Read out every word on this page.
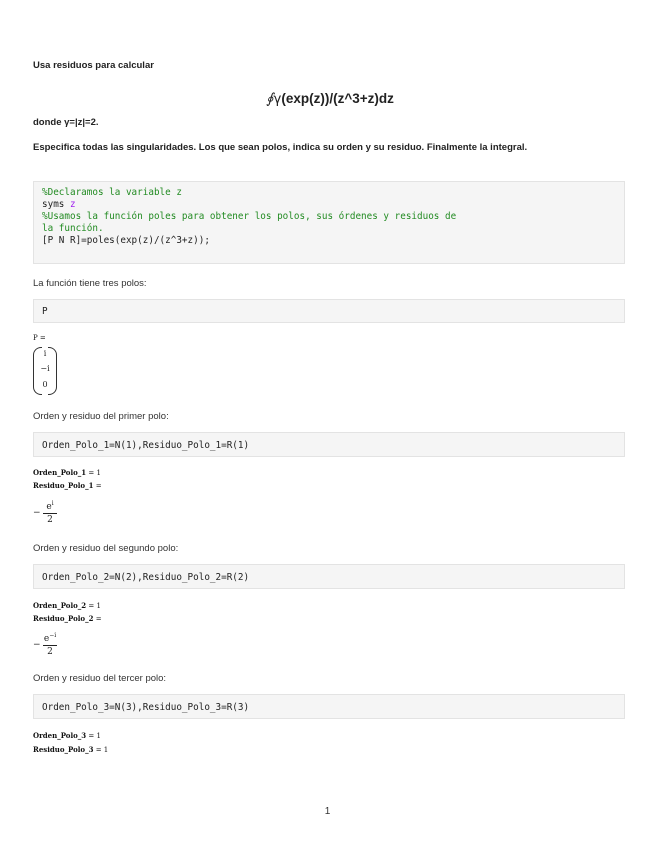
Usa residuos para calcular
∮γ(exp(z))/(z^3+z)dz
donde γ=|z|=2.
Especifica todas las singularidades. Los que sean polos, indica su orden y su residuo. Finalmente la integral.
%Declaramos la variable z
syms z
%Usamos la función poles para obtener los polos, sus órdenes y residuos de
la función.
[P N R]=poles(exp(z)/(z^3+z));
La función tiene tres polos:
P
P =
i
−i
0
Orden y residuo del primer polo:
Orden_Polo_1=N(1),Residuo_Polo_1=R(1)
Orden_Polo_1 = 1
Residuo_Polo_1 =
−
$e^i$
2
Orden y residuo del segundo polo:
Orden_Polo_2=N(2),Residuo_Polo_2=R(2)
Orden_Polo_2 = 1
Residuo_Polo_2 =
−
$e^{-i}$
2
Orden y residuo del tercer polo:
Orden_Polo_3=N(3),Residuo_Polo_3=R(3)
Orden_Polo_3 = 1
Residuo_Polo_3 = 1
1
